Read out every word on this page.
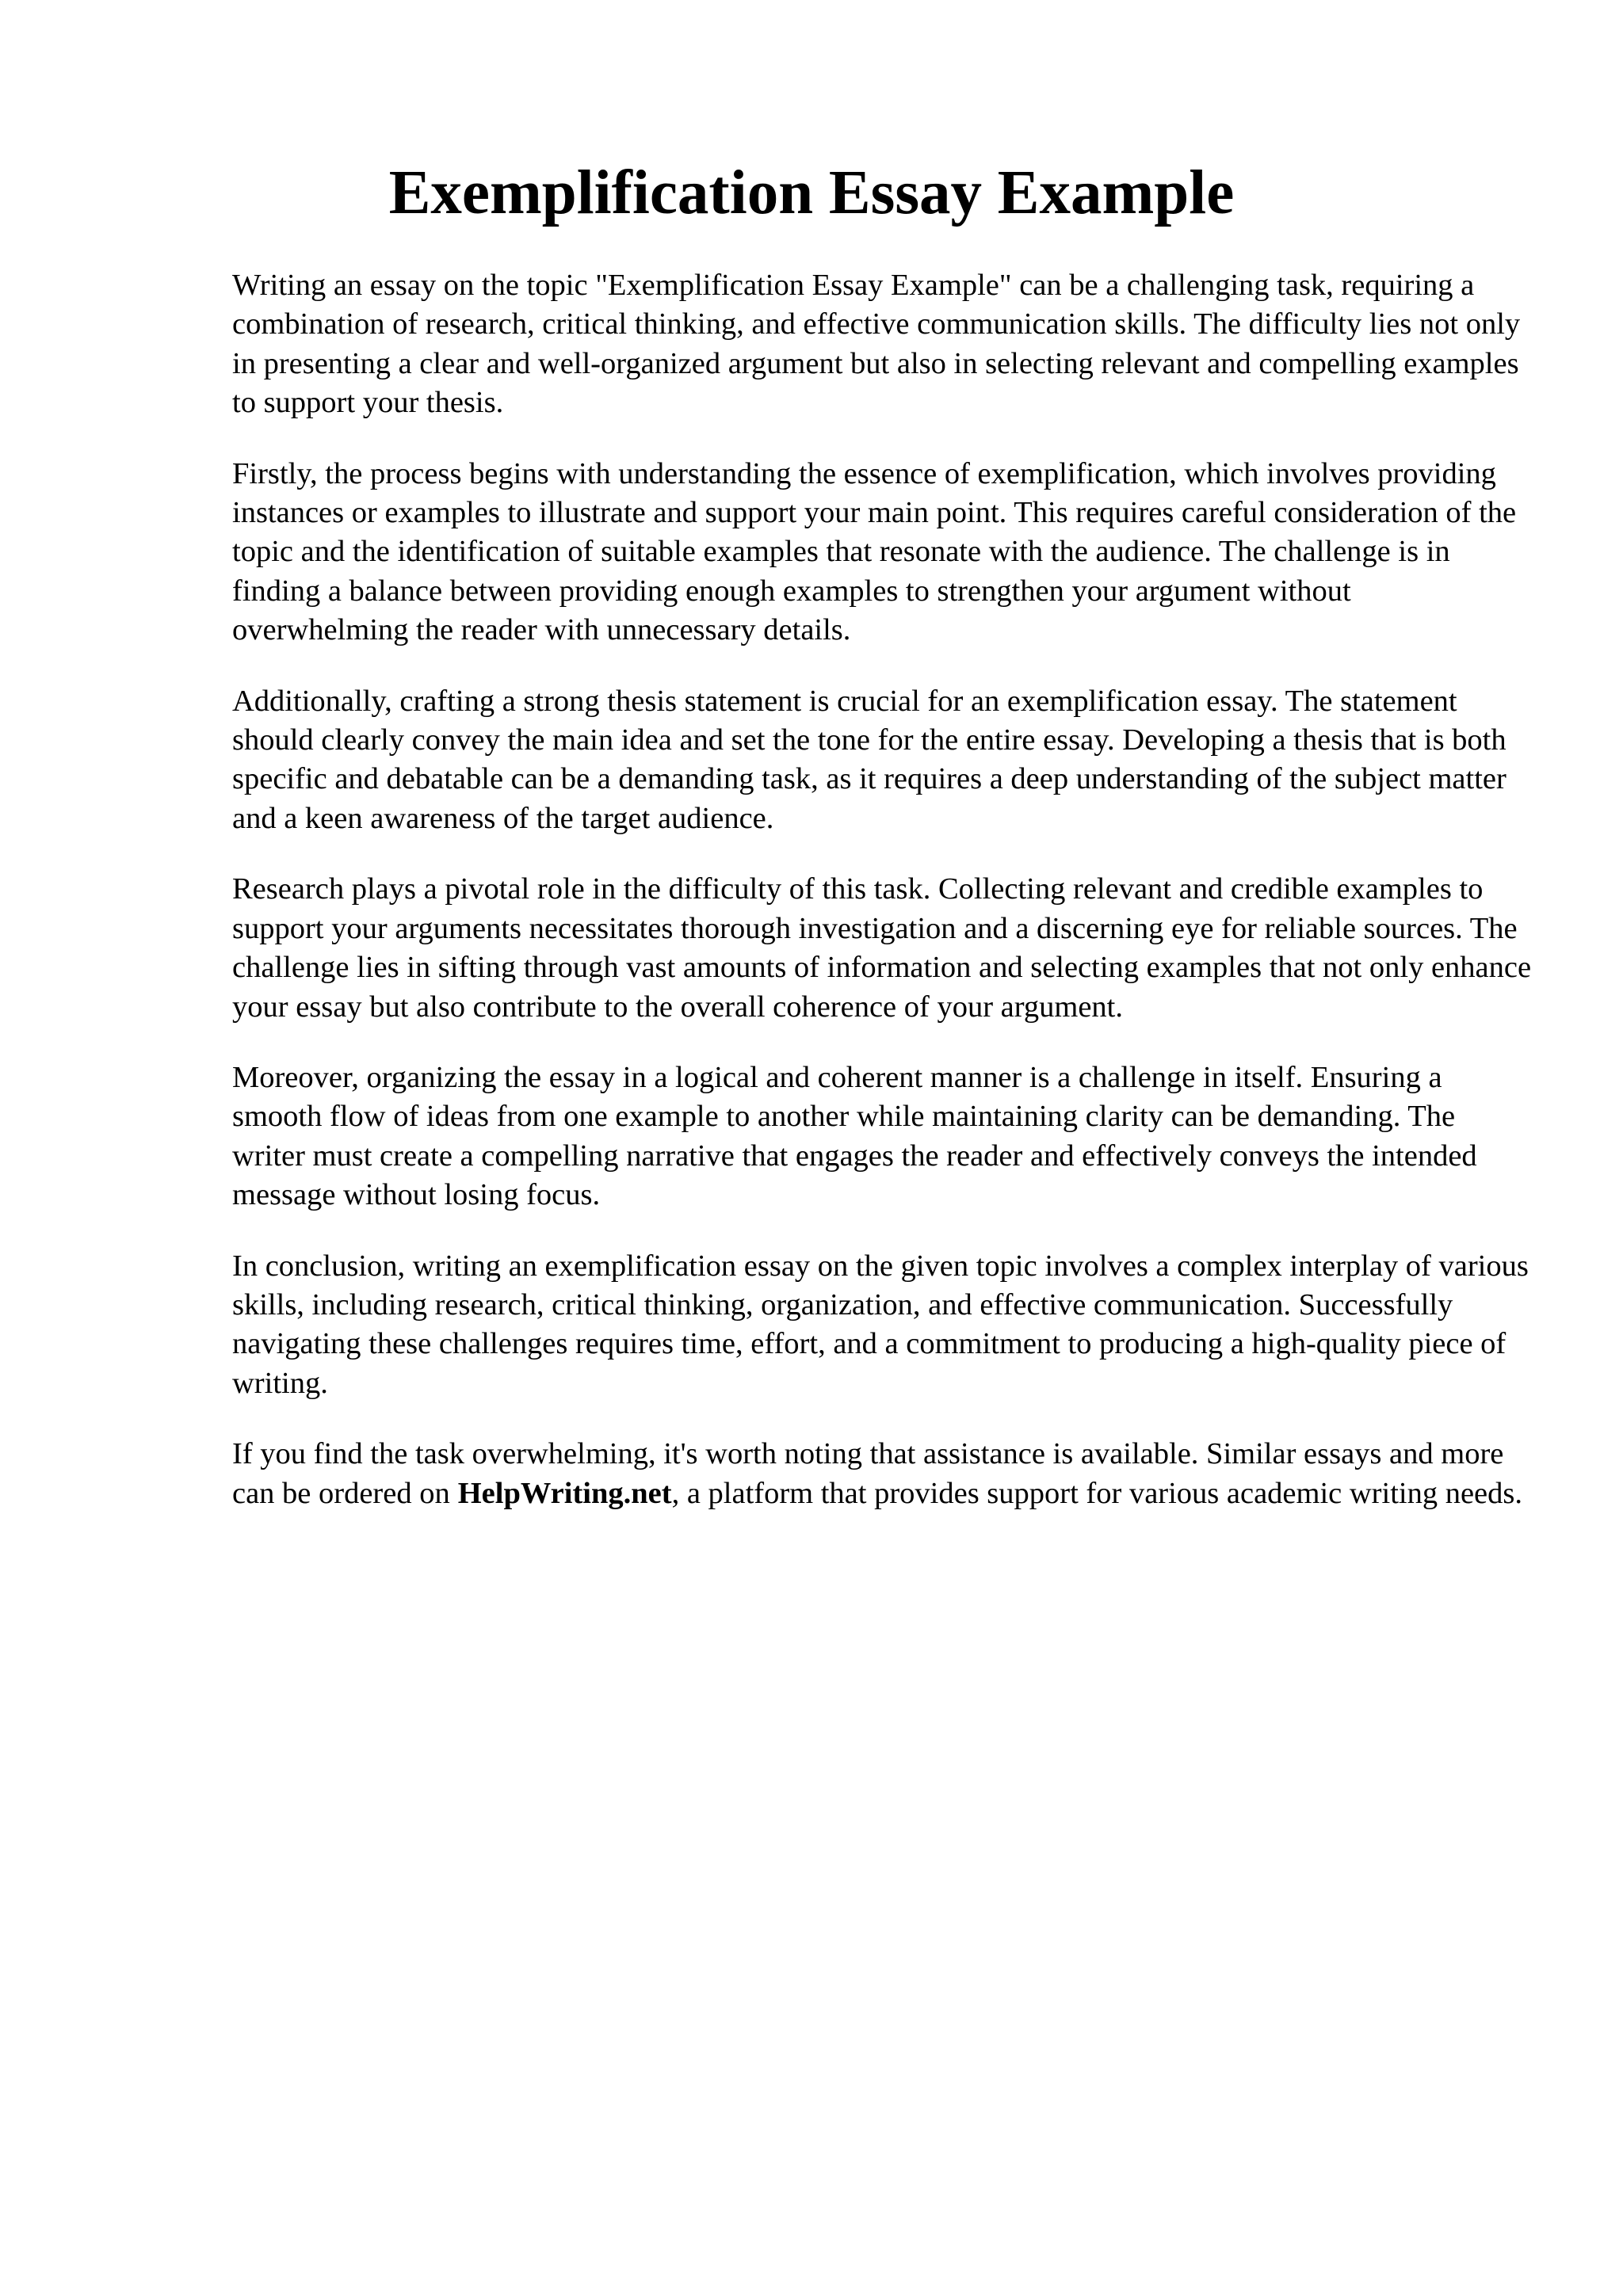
Exemplification Essay Example

Writing an essay on the topic "Exemplification Essay Example" can be a challenging task, requiring a combination of research, critical thinking, and effective communication skills. The difficulty lies not only in presenting a clear and well-organized argument but also in selecting relevant and compelling examples to support your thesis.

Firstly, the process begins with understanding the essence of exemplification, which involves providing instances or examples to illustrate and support your main point. This requires careful consideration of the topic and the identification of suitable examples that resonate with the audience. The challenge is in finding a balance between providing enough examples to strengthen your argument without overwhelming the reader with unnecessary details.

Additionally, crafting a strong thesis statement is crucial for an exemplification essay. The statement should clearly convey the main idea and set the tone for the entire essay. Developing a thesis that is both specific and debatable can be a demanding task, as it requires a deep understanding of the subject matter and a keen awareness of the target audience.

Research plays a pivotal role in the difficulty of this task. Collecting relevant and credible examples to support your arguments necessitates thorough investigation and a discerning eye for reliable sources. The challenge lies in sifting through vast amounts of information and selecting examples that not only enhance your essay but also contribute to the overall coherence of your argument.

Moreover, organizing the essay in a logical and coherent manner is a challenge in itself. Ensuring a smooth flow of ideas from one example to another while maintaining clarity can be demanding. The writer must create a compelling narrative that engages the reader and effectively conveys the intended message without losing focus.

In conclusion, writing an exemplification essay on the given topic involves a complex interplay of various skills, including research, critical thinking, organization, and effective communication. Successfully navigating these challenges requires time, effort, and a commitment to producing a high-quality piece of writing.

If you find the task overwhelming, it's worth noting that assistance is available. Similar essays and more can be ordered on HelpWriting.net, a platform that provides support for various academic writing needs.
